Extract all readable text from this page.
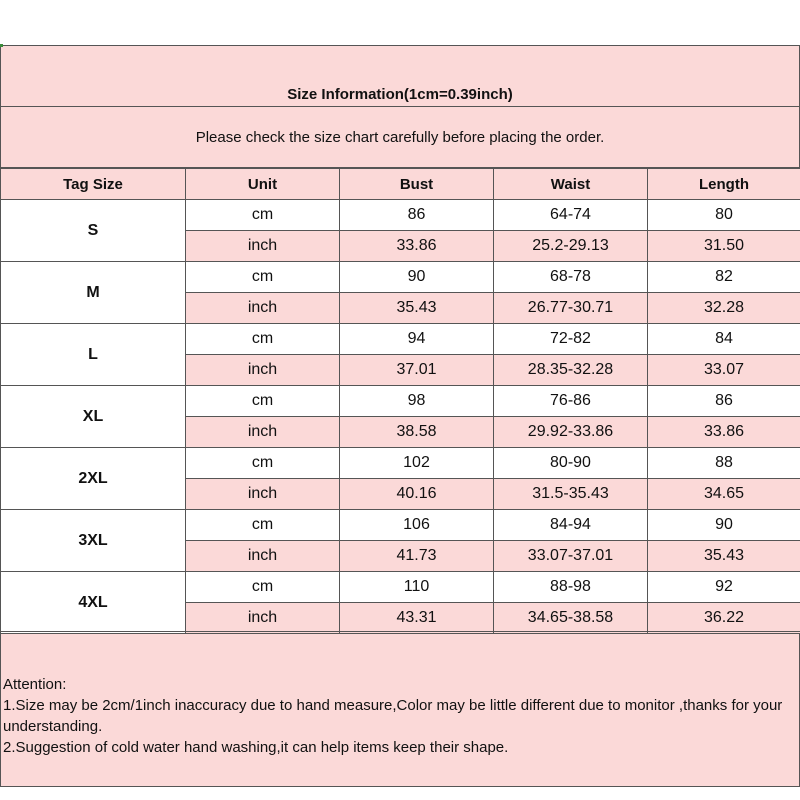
Size Information(1cm=0.39inch)
Please check the size chart carefully before placing the order.
Tag Size	Unit	Bust	Waist	Length
S	cm	86	64-74	80
	inch	33.86	25.2-29.13	31.50
M	cm	90	68-78	82
	inch	35.43	26.77-30.71	32.28
L	cm	94	72-82	84
	inch	37.01	28.35-32.28	33.07
XL	cm	98	76-86	86
	inch	38.58	29.92-33.86	33.86
2XL	cm	102	80-90	88
	inch	40.16	31.5-35.43	34.65
3XL	cm	106	84-94	90
	inch	41.73	33.07-37.01	35.43
4XL	cm	110	88-98	92
	inch	43.31	34.65-38.58	36.22
Attention:
1.Size may be 2cm/1inch inaccuracy due to hand measure,Color may be little different due to monitor ,thanks for your understanding.
2.Suggestion of cold water hand washing,it can help items keep their shape.
